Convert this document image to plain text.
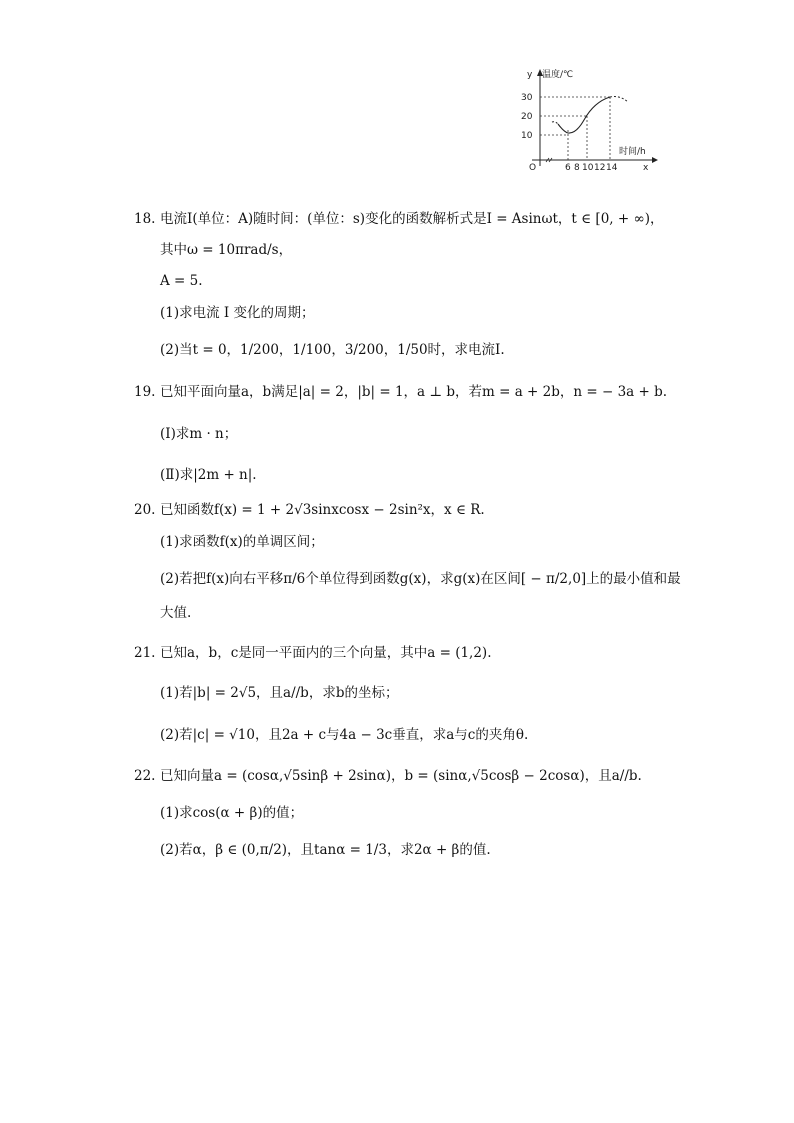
y 温度/℃
30
20
10
O	6 8 10 12 14
时间/h
x
18. 电流I(单位：A)随时间：(单位：s)变化的函数解析式是I = Asinωt，t ∈ [0, + ∞)，
其中ω = 10πrad/s，
A = 5.
(1)求电流 I 变化的周期；
(2)当t = 0，1/200，1/100，3/200，1/50时，求电流I.
19. 已知平面向量a，b满足|a| = 2，|b| = 1，a ⊥ b，若m = a + 2b，n = − 3a + b.
(Ⅰ)求m · n；
(Ⅱ)求|2m + n|.
20. 已知函数f(x) = 1 + 2√3sinxcosx − 2sin²x，x ∈ R.
(1)求函数f(x)的单调区间；
(2)若把f(x)向右平移π/6个单位得到函数g(x)，求g(x)在区间[ − π/2,0]上的最小值和最
大值.
21. 已知a，b，c是同一平面内的三个向量，其中a = (1,2).
(1)若|b| = 2√5，且a//b，求b的坐标；
(2)若|c| = √10，且2a + c与4a − 3c垂直，求a与c的夹角θ.
22. 已知向量a = (cosα,√5sinβ + 2sinα)，b = (sinα,√5cosβ − 2cosα)，且a//b.
(1)求cos(α + β)的值；
(2)若α，β ∈ (0,π/2)，且tanα = 1/3，求2α + β的值.
